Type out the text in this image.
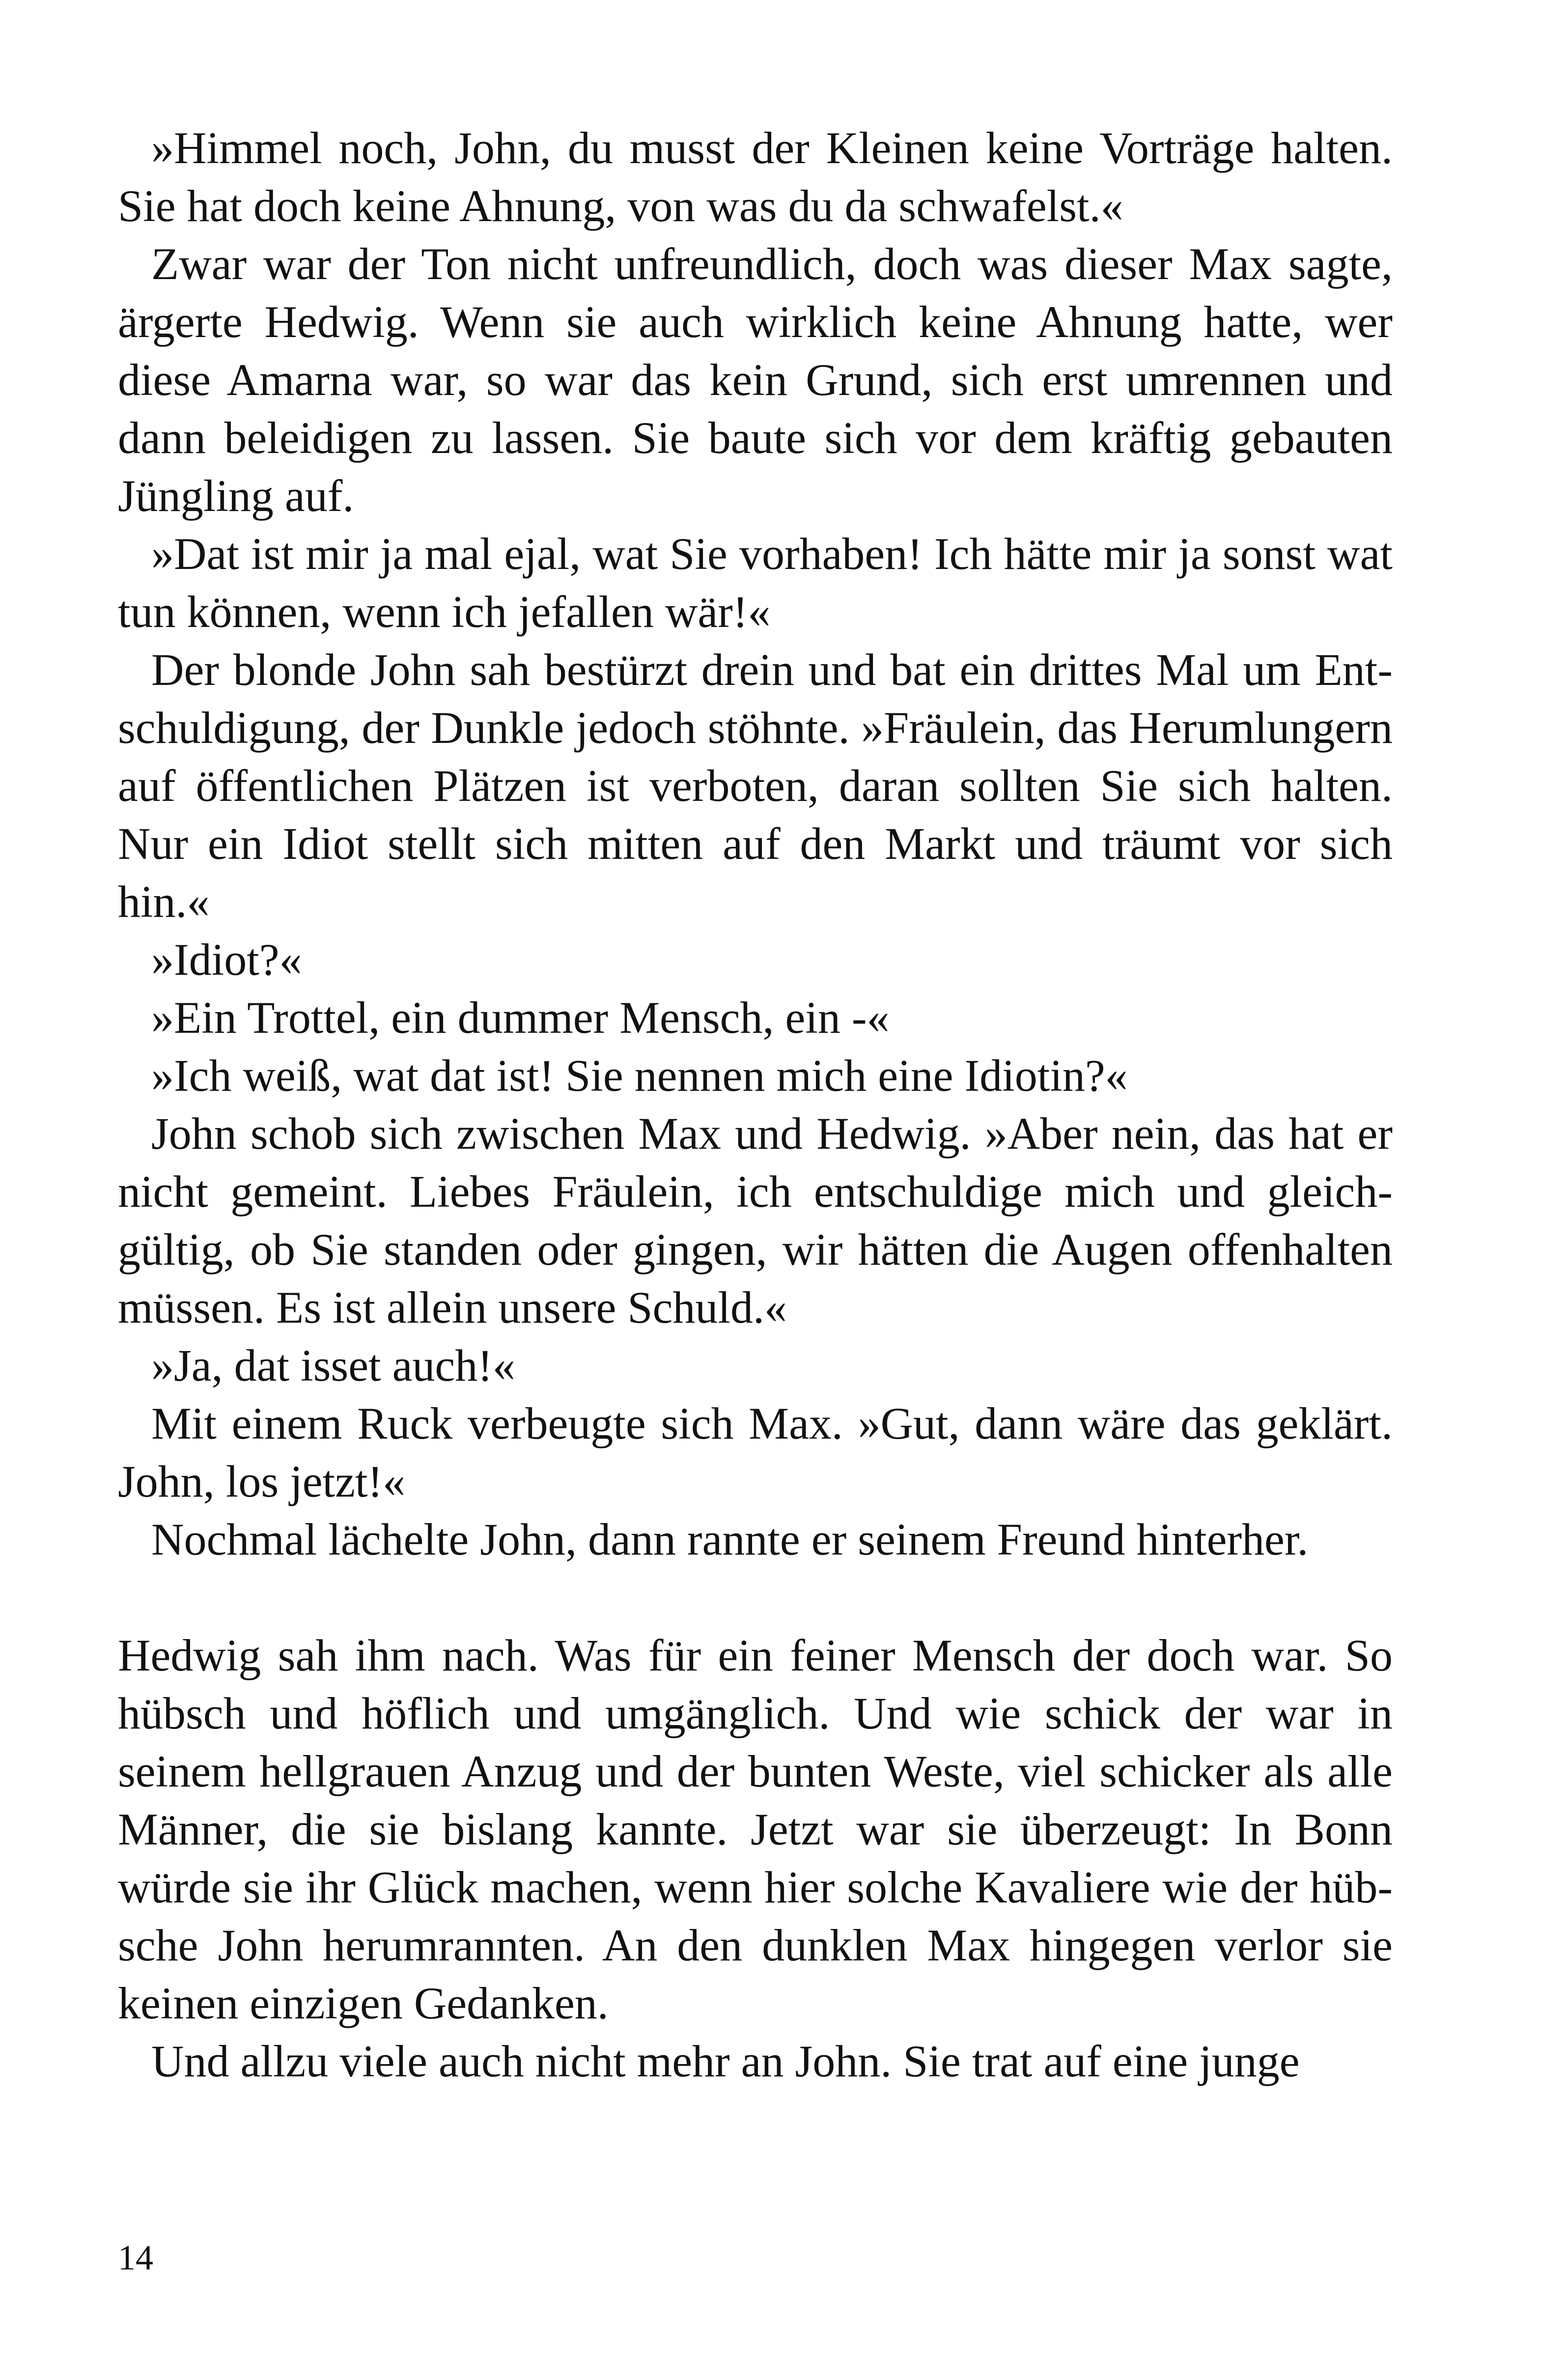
»Himmel noch, John, du musst der Kleinen keine Vorträge halten. Sie hat doch keine Ahnung, von was du da schwafelst.«

Zwar war der Ton nicht unfreundlich, doch was dieser Max sagte, ärgerte Hedwig. Wenn sie auch wirklich keine Ahnung hatte, wer diese Amarna war, so war das kein Grund, sich erst umrennen und dann beleidigen zu lassen. Sie baute sich vor dem kräftig gebauten Jüngling auf.

»Dat ist mir ja mal ejal, wat Sie vorhaben! Ich hätte mir ja sonst wat tun können, wenn ich jefallen wär!«

Der blonde John sah bestürzt drein und bat ein drittes Mal um Entschuldigung, der Dunkle jedoch stöhnte. »Fräulein, das Herumlungern auf öffentlichen Plätzen ist verboten, daran sollten Sie sich halten. Nur ein Idiot stellt sich mitten auf den Markt und träumt vor sich hin.«

»Idiot?«

»Ein Trottel, ein dummer Mensch, ein -«

»Ich weiß, wat dat ist! Sie nennen mich eine Idiotin?«

John schob sich zwischen Max und Hedwig. »Aber nein, das hat er nicht gemeint. Liebes Fräulein, ich entschuldige mich und gleichgültig, ob Sie standen oder gingen, wir hätten die Augen offenhalten müssen. Es ist allein unsere Schuld.«

»Ja, dat isset auch!«

Mit einem Ruck verbeugte sich Max. »Gut, dann wäre das geklärt. John, los jetzt!«

Nochmal lächelte John, dann rannte er seinem Freund hinterher.

Hedwig sah ihm nach. Was für ein feiner Mensch der doch war. So hübsch und höflich und umgänglich. Und wie schick der war in seinem hellgrauen Anzug und der bunten Weste, viel schicker als alle Männer, die sie bislang kannte. Jetzt war sie überzeugt: In Bonn würde sie ihr Glück machen, wenn hier solche Kavaliere wie der hübsche John herumrannten. An den dunklen Max hingegen verlor sie keinen einzigen Gedanken.

Und allzu viele auch nicht mehr an John. Sie trat auf eine junge

14
